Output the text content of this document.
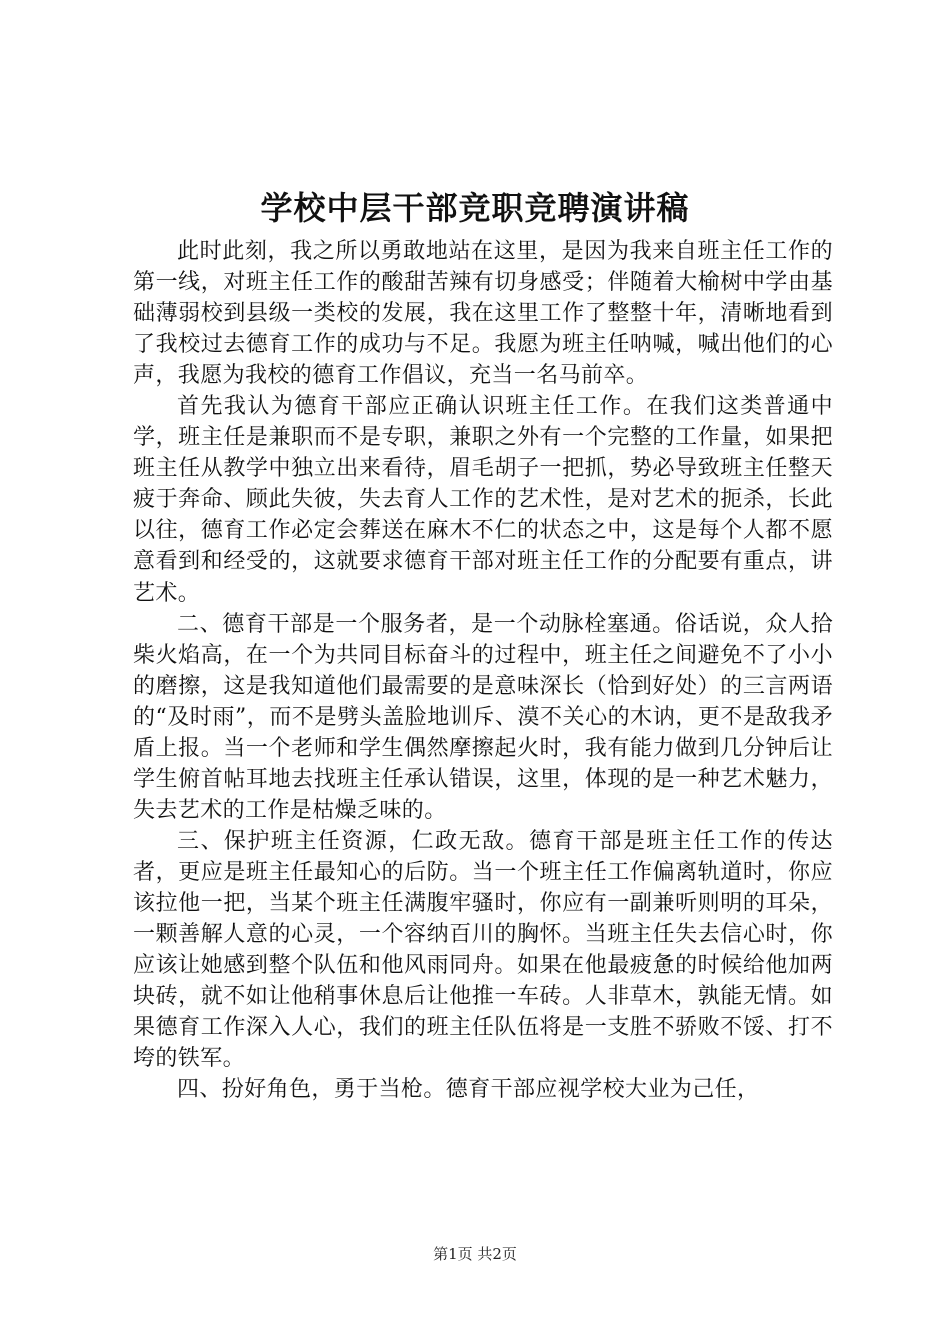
学校中层干部竞职竞聘演讲稿

此时此刻，我之所以勇敢地站在这里，是因为我来自班主任工作的第一线，对班主任工作的酸甜苦辣有切身感受；伴随着大榆树中学由基础薄弱校到县级一类校的发展，我在这里工作了整整十年，清晰地看到了我校过去德育工作的成功与不足。我愿为班主任呐喊，喊出他们的心声，我愿为我校的德育工作倡议，充当一名马前卒。

首先我认为德育干部应正确认识班主任工作。在我们这类普通中学，班主任是兼职而不是专职，兼职之外有一个完整的工作量，如果把班主任从教学中独立出来看待，眉毛胡子一把抓，势必导致班主任整天疲于奔命、顾此失彼，失去育人工作的艺术性，是对艺术的扼杀，长此以往，德育工作必定会葬送在麻木不仁的状态之中，这是每个人都不愿意看到和经受的，这就要求德育干部对班主任工作的分配要有重点，讲艺术。

二、德育干部是一个服务者，是一个动脉栓塞通。俗话说，众人拾柴火焰高，在一个为共同目标奋斗的过程中，班主任之间避免不了小小的磨擦，这是我知道他们最需要的是意味深长（恰到好处）的三言两语的“及时雨”，而不是劈头盖脸地训斥、漠不关心的木讷，更不是敌我矛盾上报。当一个老师和学生偶然摩擦起火时，我有能力做到几分钟后让学生俯首帖耳地去找班主任承认错误，这里，体现的是一种艺术魅力，失去艺术的工作是枯燥乏味的。

三、保护班主任资源，仁政无敌。德育干部是班主任工作的传达者，更应是班主任最知心的后防。当一个班主任工作偏离轨道时，你应该拉他一把，当某个班主任满腹牢骚时，你应有一副兼听则明的耳朵，一颗善解人意的心灵，一个容纳百川的胸怀。当班主任失去信心时，你应该让她感到整个队伍和他风雨同舟。如果在他最疲惫的时候给他加两块砖，就不如让他稍事休息后让他推一车砖。人非草木，孰能无情。如果德育工作深入人心，我们的班主任队伍将是一支胜不骄败不馁、打不垮的铁军。

四、扮好角色，勇于当枪。德育干部应视学校大业为己任，

第1页 共2页
